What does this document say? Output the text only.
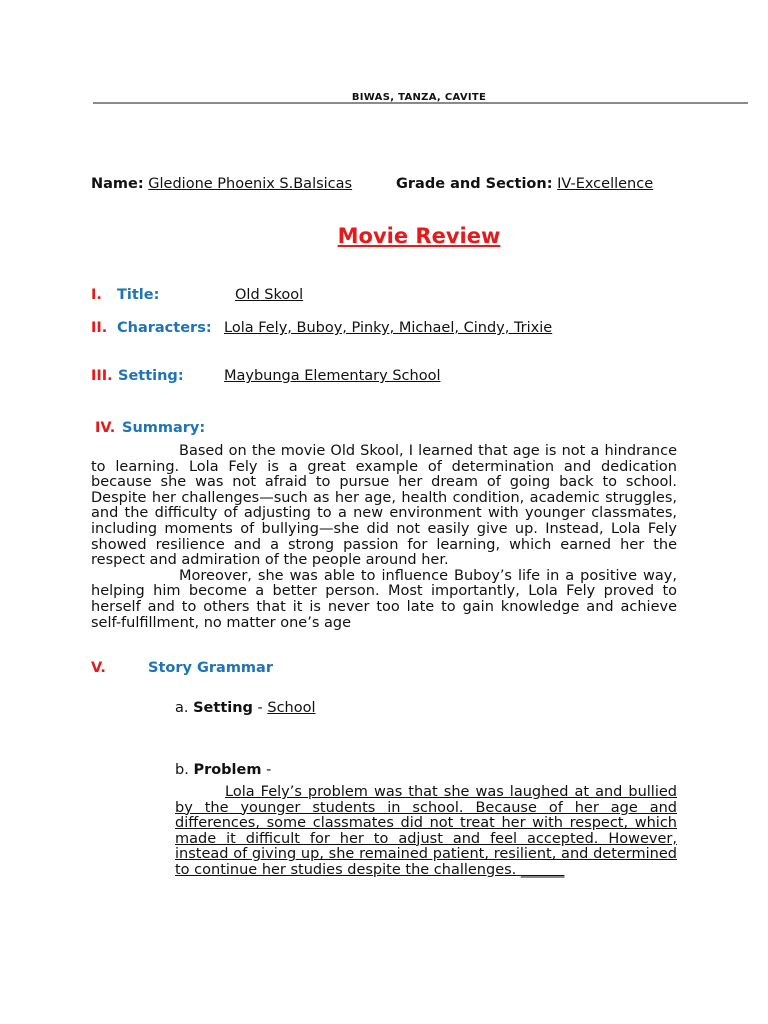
BIWAS, TANZA, CAVITE
Name: Gledione Phoenix S.Balsicas	Grade and Section: IV-Excellence
Movie Review
I. Title:	Old Skool
II. Characters: Lola Fely, Buboy, Pinky, Michael, Cindy, Trixie
III. Setting:	Maybunga Elementary School
IV. Summary:
Based on the movie Old Skool, I learned that age is not a hindrance to learning. Lola Fely is a great example of determination and dedication because she was not afraid to pursue her dream of going back to school. Despite her challenges—such as her age, health condition, academic struggles, and the difficulty of adjusting to a new environment with younger classmates, including moments of bullying—she did not easily give up. Instead, Lola Fely showed resilience and a strong passion for learning, which earned her the respect and admiration of the people around her.
Moreover, she was able to influence Buboy’s life in a positive way, helping him become a better person. Most importantly, Lola Fely proved to herself and to others that it is never too late to gain knowledge and achieve self-fulfillment, no matter one’s age
V.	Story Grammar
a. Setting - School
b. Problem -
Lola Fely’s problem was that she was laughed at and bullied by the younger students in school. Because of her age and differences, some classmates did not treat her with respect, which made it difficult for her to adjust and feel accepted. However, instead of giving up, she remained patient, resilient, and determined to continue her studies despite the challenges. ______
